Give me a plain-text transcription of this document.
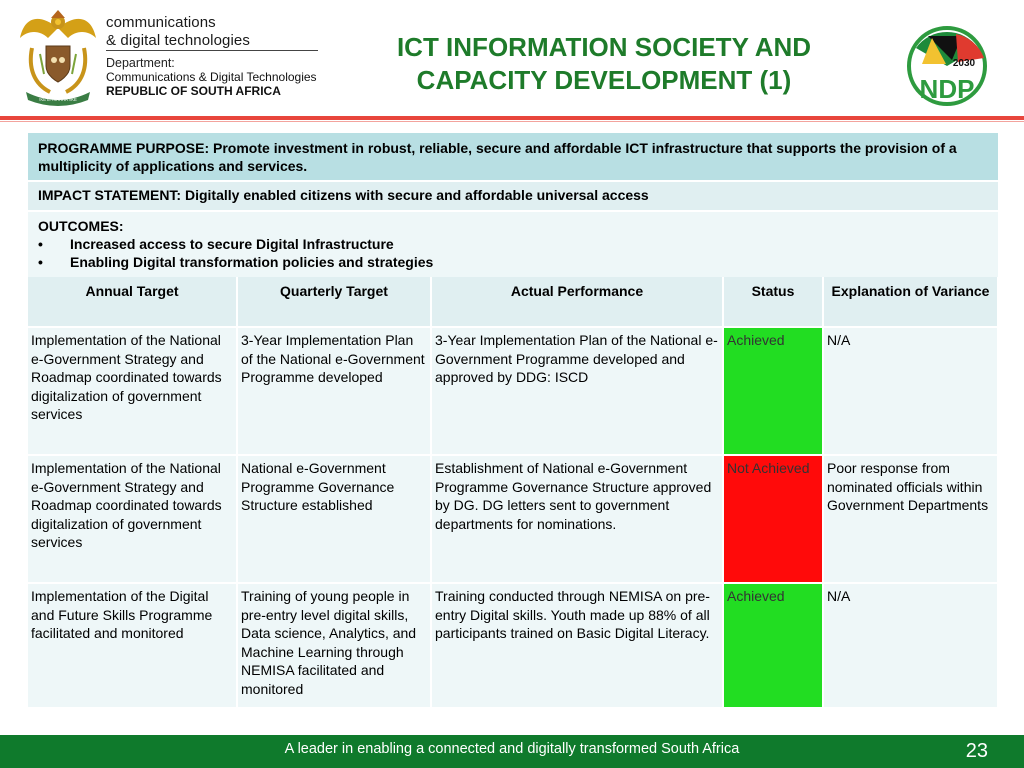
!KE E: /XARRA //KE
communications
& digital technologies
Department:
Communications & Digital Technologies
REPUBLIC OF SOUTH AFRICA
ICT INFORMATION SOCIETY AND
CAPACITY DEVELOPMENT (1)
2030
NDP
PROGRAMME PURPOSE: Promote investment in robust, reliable, secure and affordable ICT infrastructure that supports the provision of a multiplicity of applications and services.
IMPACT STATEMENT: Digitally enabled citizens with secure and affordable universal access
OUTCOMES:
•	Increased access to secure Digital Infrastructure
•	Enabling Digital transformation policies and strategies
Annual Target	Quarterly Target	Actual Performance	Status	Explanation of Variance
Implementation of the National e-Government Strategy and Roadmap coordinated towards digitalization of government services	3-Year Implementation Plan of the National e-Government Programme developed	3-Year Implementation Plan of the National e-Government Programme developed and approved by DDG: ISCD	Achieved	N/A
Implementation of the National e-Government Strategy and Roadmap coordinated towards digitalization of government services	National e-Government Programme Governance Structure established	Establishment of National e-Government Programme Governance Structure approved by DG. DG letters sent to government departments for nominations.	Not Achieved	Poor response from nominated officials within Government Departments
Implementation of the Digital and Future Skills Programme facilitated and monitored	Training of young people in pre-entry level digital skills, Data science, Analytics, and Machine Learning through NEMISA facilitated and monitored	Training conducted through NEMISA on pre-entry Digital skills. Youth made up 88% of all participants trained on Basic Digital Literacy.	Achieved	N/A
A leader in enabling a connected and digitally transformed South Africa	23
